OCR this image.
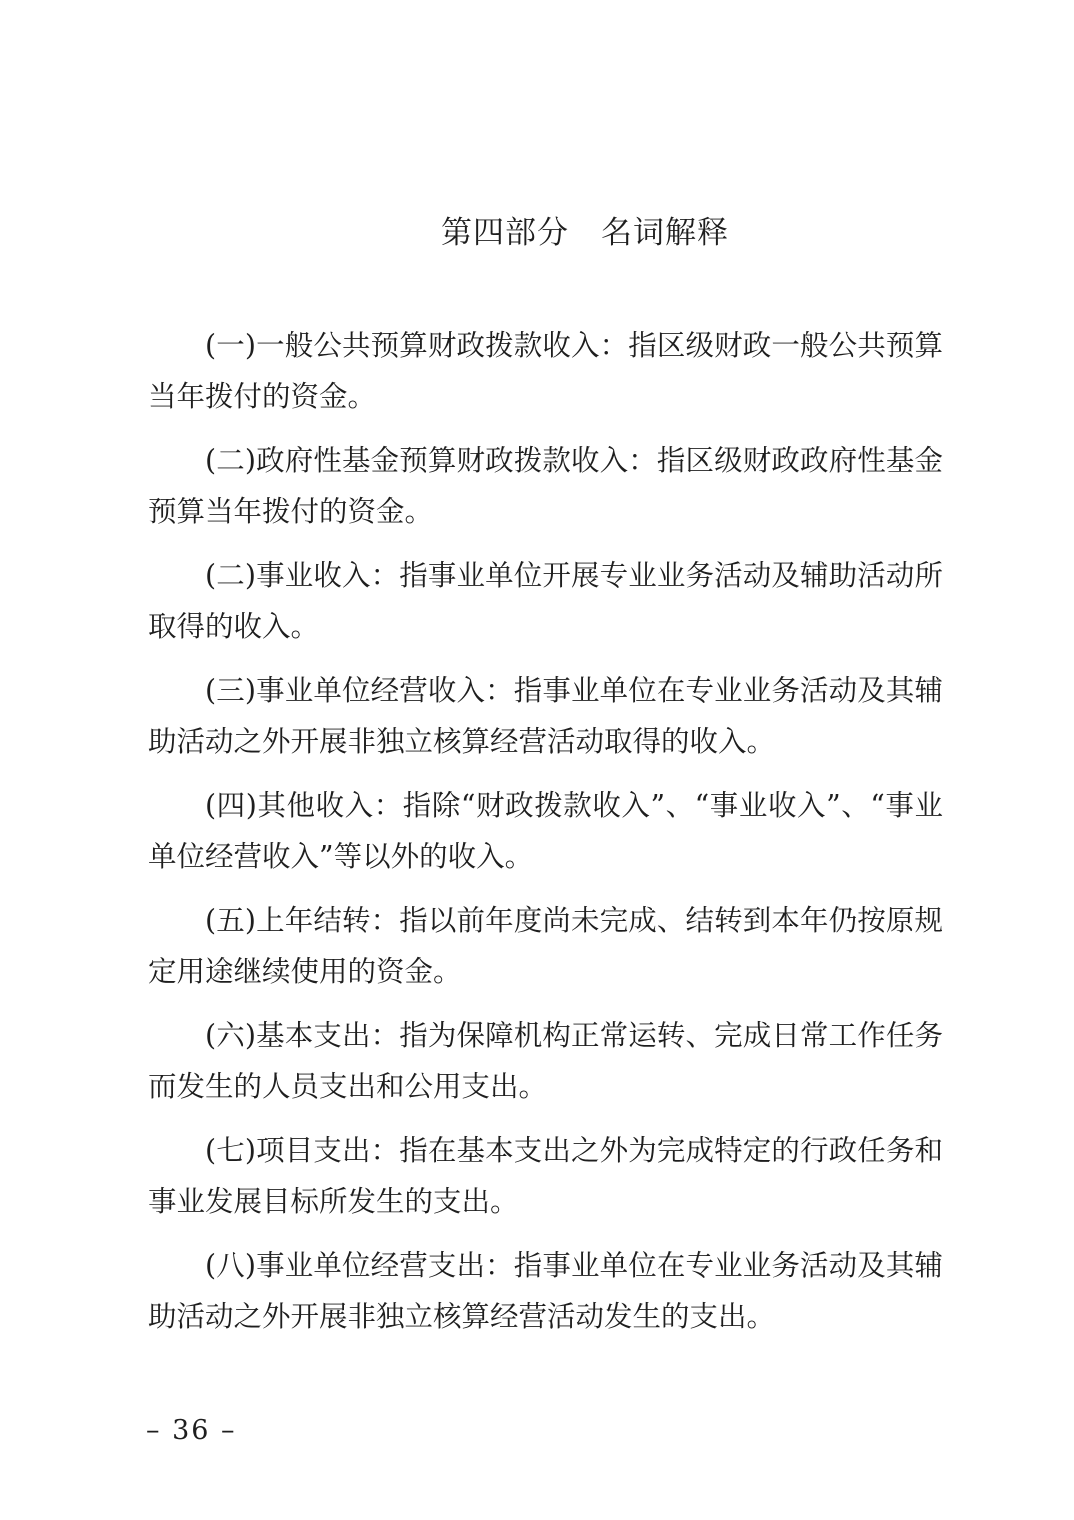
第四部分　名词解释

(一)一般公共预算财政拨款收入：指区级财政一般公共预算当年拨付的资金。

(二)政府性基金预算财政拨款收入：指区级财政政府性基金预算当年拨付的资金。

(二)事业收入：指事业单位开展专业业务活动及辅助活动所取得的收入。

(三)事业单位经营收入：指事业单位在专业业务活动及其辅助活动之外开展非独立核算经营活动取得的收入。

(四)其他收入：指除“财政拨款收入”、“事业收入”、“事业单位经营收入”等以外的收入。

(五)上年结转：指以前年度尚未完成、结转到本年仍按原规定用途继续使用的资金。

(六)基本支出：指为保障机构正常运转、完成日常工作任务而发生的人员支出和公用支出。

(七)项目支出：指在基本支出之外为完成特定的行政任务和事业发展目标所发生的支出。

(八)事业单位经营支出：指事业单位在专业业务活动及其辅助活动之外开展非独立核算经营活动发生的支出。

– 36 –
